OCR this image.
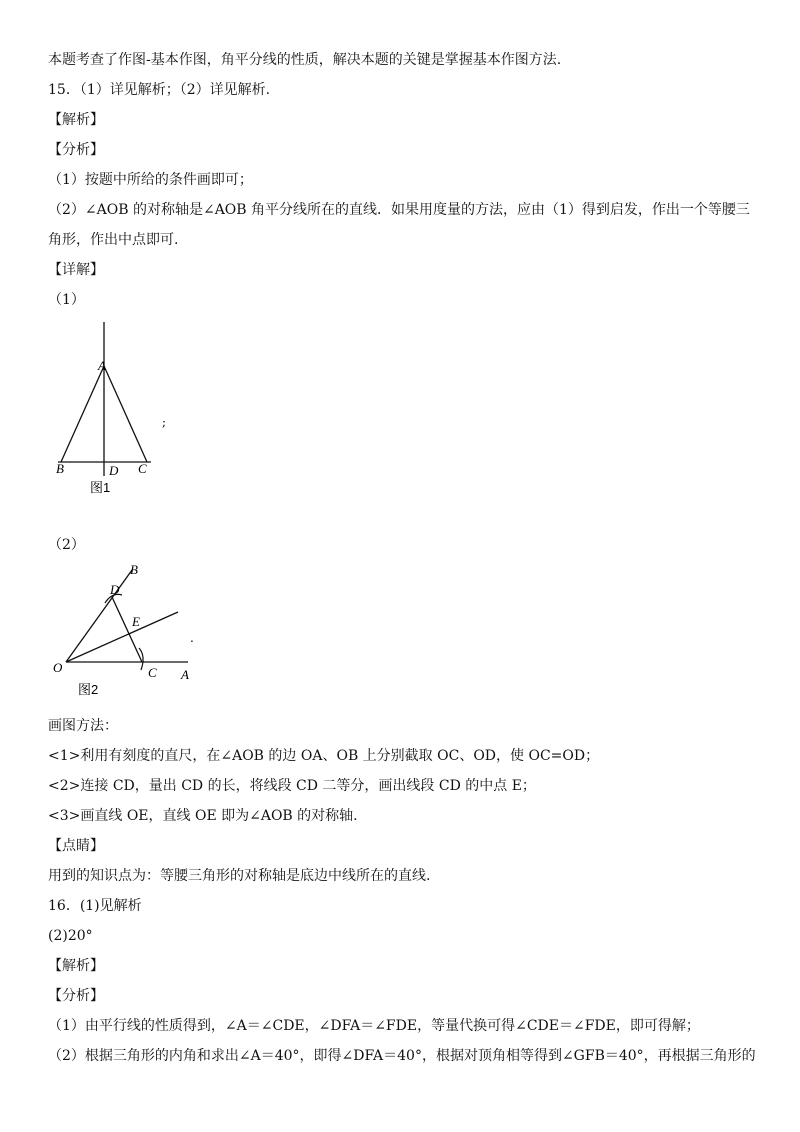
本题考查了作图-基本作图，角平分线的性质，解决本题的关键是掌握基本作图方法.
15．（1）详见解析；（2）详见解析.
【解析】
【分析】
（1）按题中所给的条件画即可；
（2）∠AOB 的对称轴是∠AOB 角平分线所在的直线．如果用度量的方法，应由（1）得到启发，作出一个等腰三
角形，作出中点即可.
【详解】
（1）
A
B	D C
图1
;
（2）
B
D
E
O	C A
图2
.
画图方法：
<1>利用有刻度的直尺，在∠AOB 的边 OA、OB 上分别截取 OC、OD，使 OC=OD；
<2>连接 CD，量出 CD 的长，将线段 CD 二等分，画出线段 CD 的中点 E；
<3>画直线 OE，直线 OE 即为∠AOB 的对称轴.
【点睛】
用到的知识点为：等腰三角形的对称轴是底边中线所在的直线.
16．(1)见解析
(2)20°
【解析】
【分析】
（1）由平行线的性质得到，∠A＝∠CDE，∠DFA＝∠FDE，等量代换可得∠CDE＝∠FDE，即可得解；
（2）根据三角形的内角和求出∠A＝40°，即得∠DFA＝40°，根据对顶角相等得到∠GFB＝40°，再根据三角形的
